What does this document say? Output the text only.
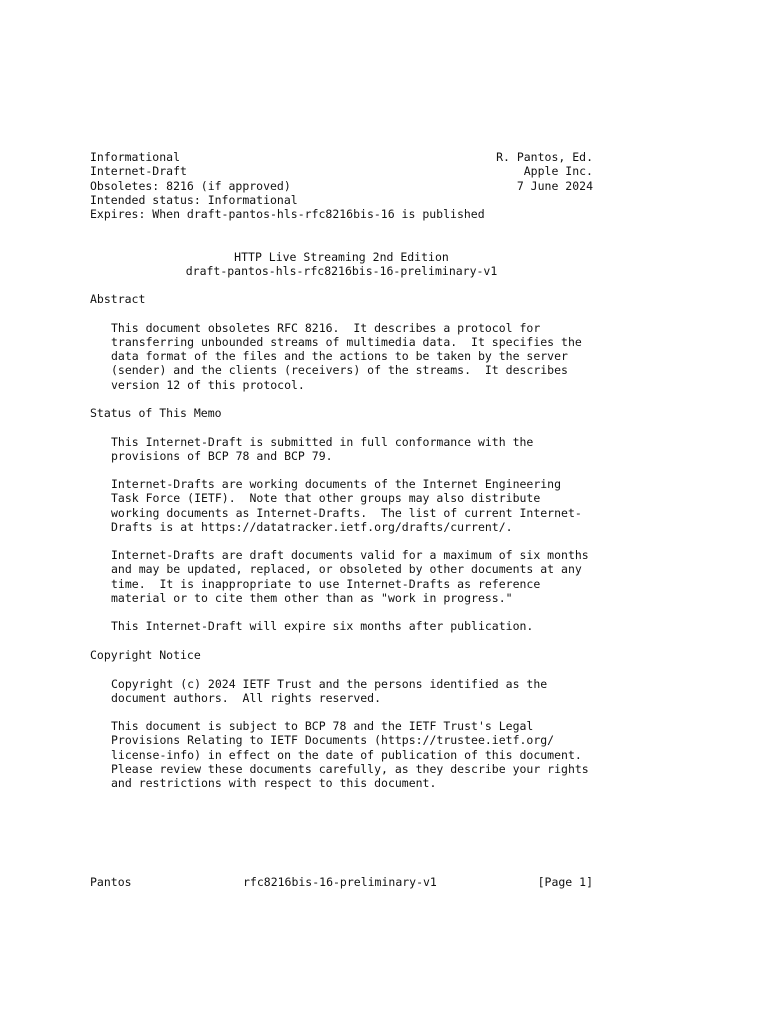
Informational

	R. Pantos, Ed.

Internet-Draft

	Apple Inc.

Obsoletes: 8216 (if approved)

	7 June 2024

Intended status: Informational

Expires: When draft-pantos-hls-rfc8216bis-16 is published

HTTP Live Streaming 2nd Edition

draft-pantos-hls-rfc8216bis-16-preliminary-v1

Abstract
This document obsoletes RFC 8216.  It describes a protocol for
transferring unbounded streams of multimedia data.  It specifies the
data format of the files and the actions to be taken by the server
(sender) and the clients (receivers) of the streams.  It describes
version 12 of this protocol.
Status of This Memo
This Internet-Draft is submitted in full conformance with the
provisions of BCP 78 and BCP 79.
Internet-Drafts are working documents of the Internet Engineering
Task Force (IETF).  Note that other groups may also distribute
working documents as Internet-Drafts.  The list of current Internet-
Drafts is at https://datatracker.ietf.org/drafts/current/.
Internet-Drafts are draft documents valid for a maximum of six months
and may be updated, replaced, or obsoleted by other documents at any
time.  It is inappropriate to use Internet-Drafts as reference
material or to cite them other than as "work in progress."
This Internet-Draft will expire six months after publication.
Copyright Notice
Copyright (c) 2024 IETF Trust and the persons identified as the
document authors.  All rights reserved.
This document is subject to BCP 78 and the IETF Trust's Legal
Provisions Relating to IETF Documents (https://trustee.ietf.org/
license-info) in effect on the date of publication of this document.
Please review these documents carefully, as they describe your rights
and restrictions with respect to this document.

Pantos

	rfc8216bis-16-preliminary-v1

	[Page 1]
